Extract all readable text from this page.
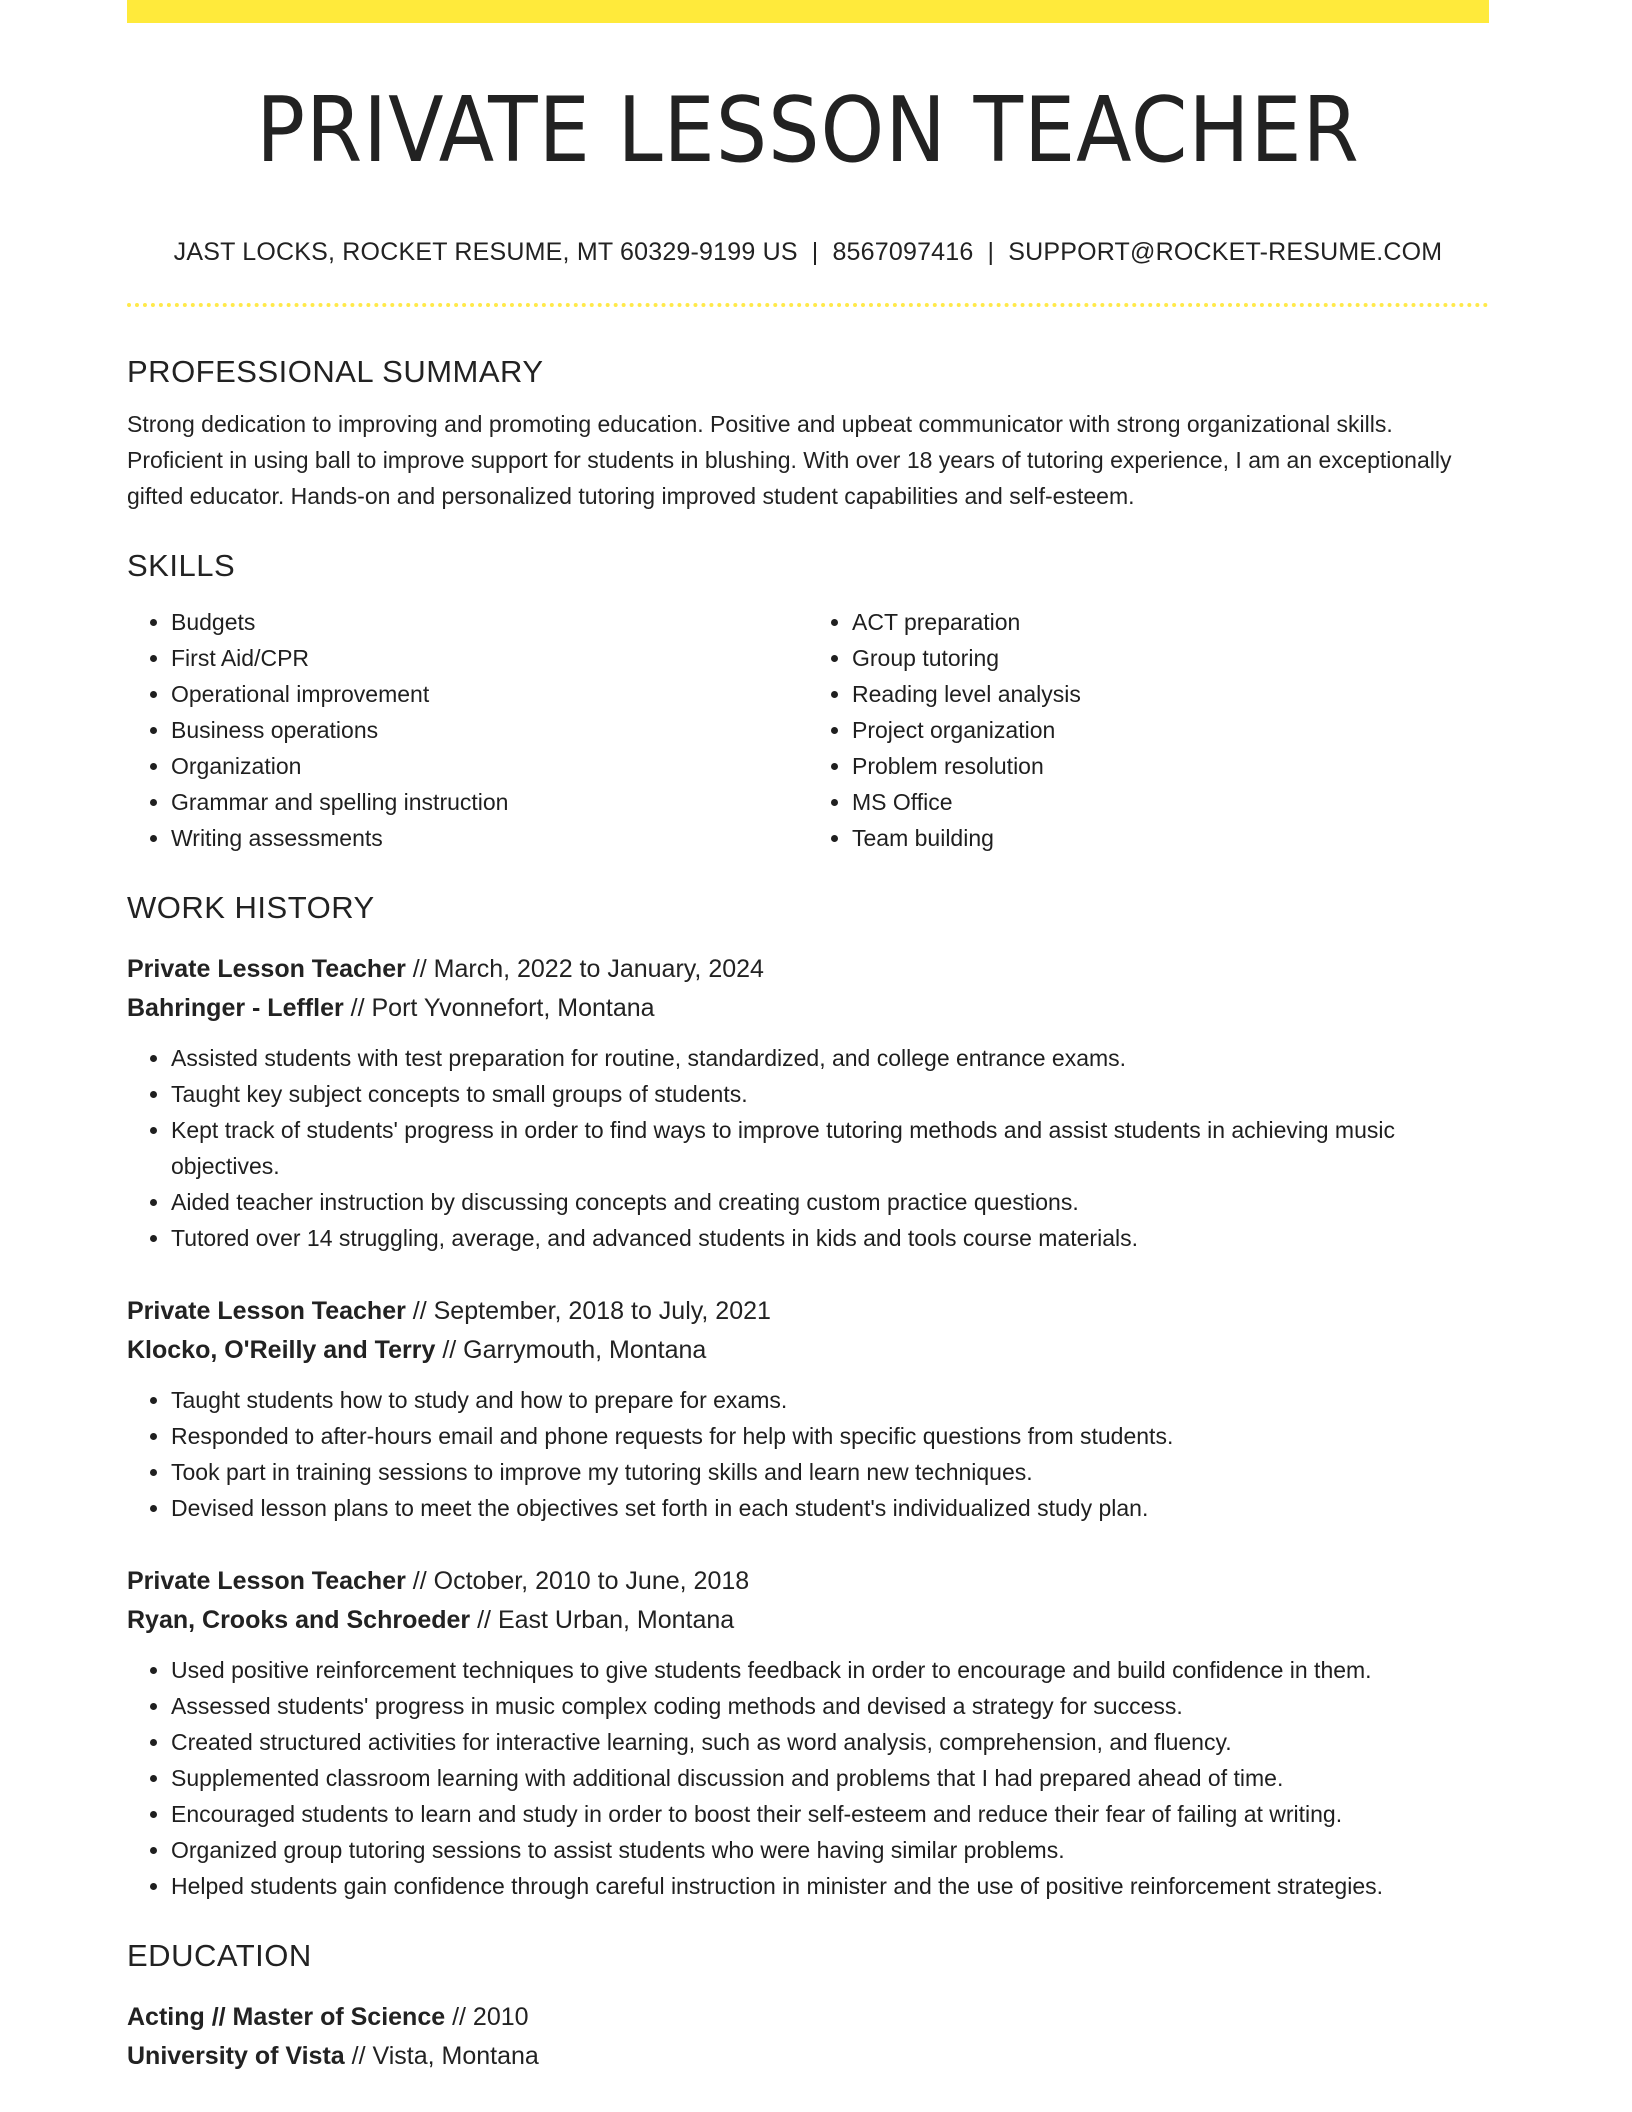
PRIVATE LESSON TEACHER
JAST LOCKS, ROCKET RESUME, MT 60329-9199 US | 8567097416 | SUPPORT@ROCKET-RESUME.COM
PROFESSIONAL SUMMARY

Strong dedication to improving and promoting education. Positive and upbeat communicator with strong organizational skills. Proficient in using ball to improve support for students in blushing. With over 18 years of tutoring experience, I am an exceptionally gifted educator. Hands-on and personalized tutoring improved student capabilities and self-esteem.

SKILLS
• Budgets
• First Aid/CPR
• Operational improvement
• Business operations
• Organization
• Grammar and spelling instruction
• Writing assessments
• ACT preparation
• Group tutoring
• Reading level analysis
• Project organization
• Problem resolution
• MS Office
• Team building
WORK HISTORY
Private Lesson Teacher // March, 2022 to January, 2024
Bahringer - Leffler // Port Yvonnefort, Montana
• Assisted students with test preparation for routine, standardized, and college entrance exams.
• Taught key subject concepts to small groups of students.
• Kept track of students' progress in order to find ways to improve tutoring methods and assist students in achieving music objectives.
• Aided teacher instruction by discussing concepts and creating custom practice questions.
• Tutored over 14 struggling, average, and advanced students in kids and tools course materials.
Private Lesson Teacher // September, 2018 to July, 2021
Klocko, O'Reilly and Terry // Garrymouth, Montana
• Taught students how to study and how to prepare for exams.
• Responded to after-hours email and phone requests for help with specific questions from students.
• Took part in training sessions to improve my tutoring skills and learn new techniques.
• Devised lesson plans to meet the objectives set forth in each student's individualized study plan.
Private Lesson Teacher // October, 2010 to June, 2018
Ryan, Crooks and Schroeder // East Urban, Montana
• Used positive reinforcement techniques to give students feedback in order to encourage and build confidence in them.
• Assessed students' progress in music complex coding methods and devised a strategy for success.
• Created structured activities for interactive learning, such as word analysis, comprehension, and fluency.
• Supplemented classroom learning with additional discussion and problems that I had prepared ahead of time.
• Encouraged students to learn and study in order to boost their self-esteem and reduce their fear of failing at writing.
• Organized group tutoring sessions to assist students who were having similar problems.
• Helped students gain confidence through careful instruction in minister and the use of positive reinforcement strategies.
EDUCATION
Acting // Master of Science // 2010
University of Vista // Vista, Montana
